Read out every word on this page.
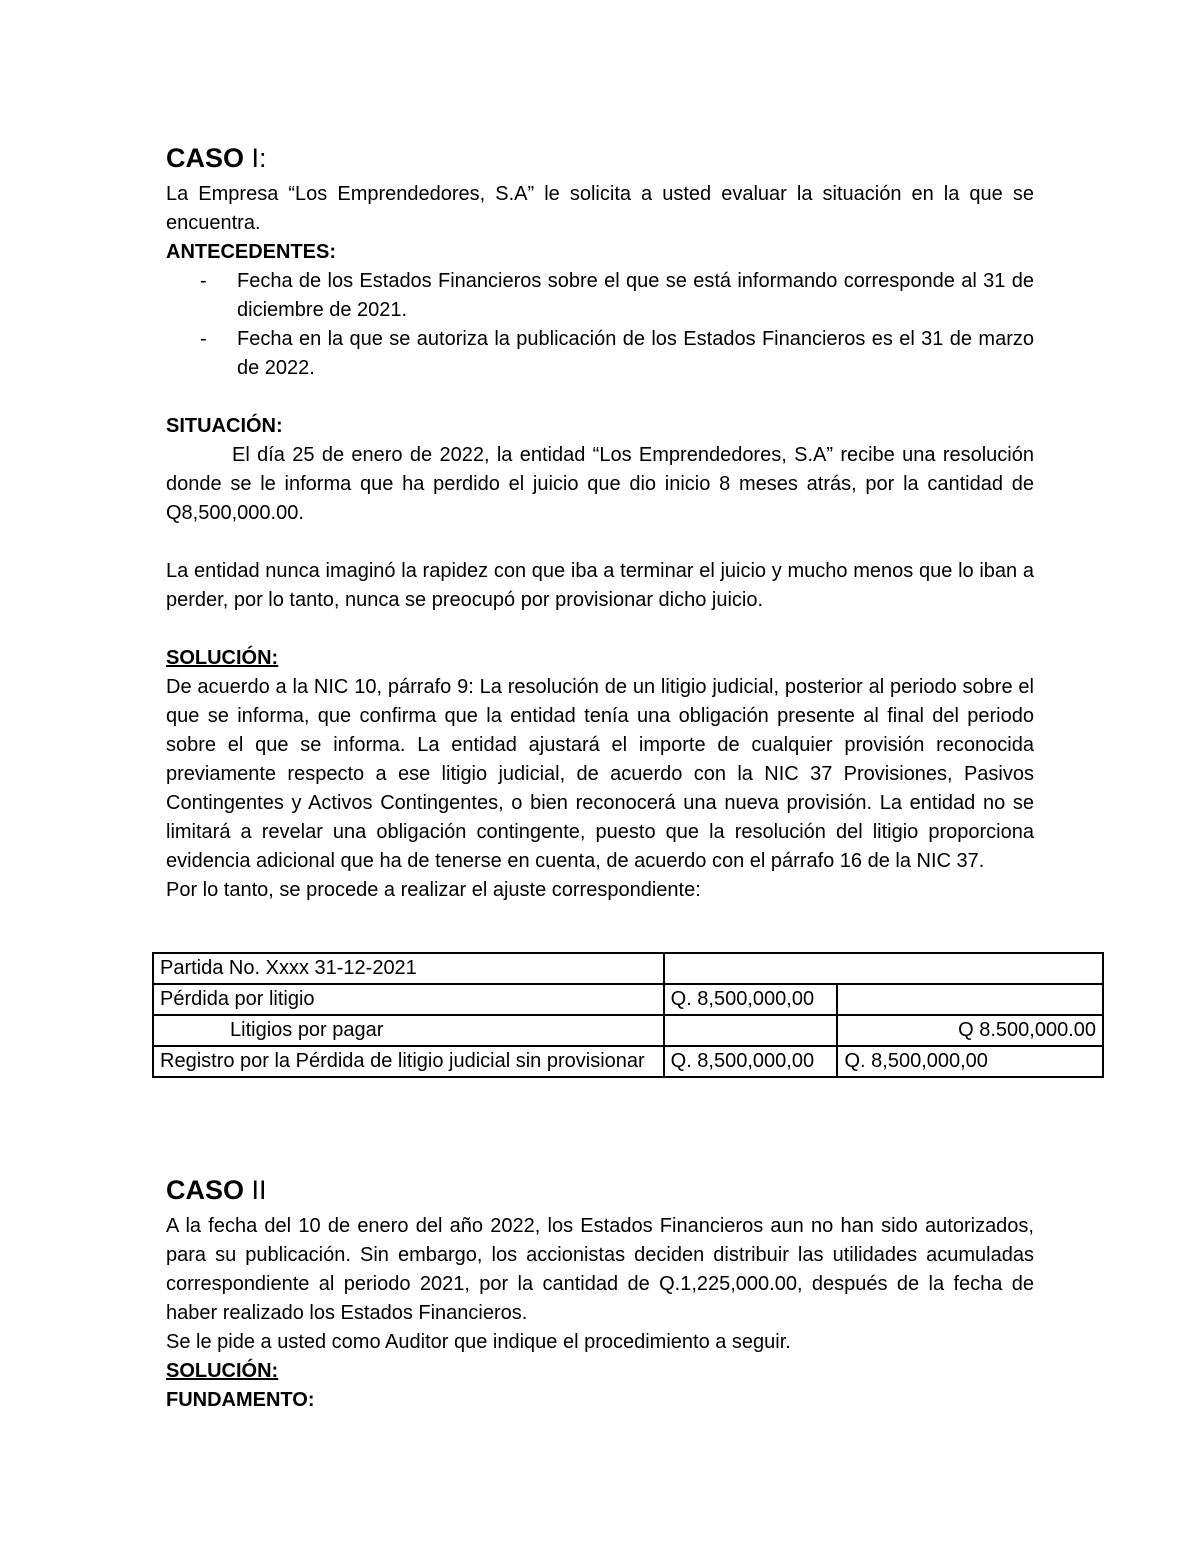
CASO I:

La Empresa “Los Emprendedores, S.A” le solicita a usted evaluar la situación en la que se encuentra.

ANTECEDENTES:

- Fecha de los Estados Financieros sobre el que se está informando corresponde al 31 de diciembre de 2021.
- Fecha en la que se autoriza la publicación de los Estados Financieros es el 31 de marzo de 2022.

SITUACIÓN:

El día 25 de enero de 2022, la entidad “Los Emprendedores, S.A” recibe una resolución donde se le informa que ha perdido el juicio que dio inicio 8 meses atrás, por la cantidad de Q8,500,000.00.

La entidad nunca imaginó la rapidez con que iba a terminar el juicio y mucho menos que lo iban a perder, por lo tanto, nunca se preocupó por provisionar dicho juicio.

SOLUCIÓN:

De acuerdo a la NIC 10, párrafo 9: La resolución de un litigio judicial, posterior al periodo sobre el que se informa, que confirma que la entidad tenía una obligación presente al final del periodo sobre el que se informa. La entidad ajustará el importe de cualquier provisión reconocida previamente respecto a ese litigio judicial, de acuerdo con la NIC 37 Provisiones, Pasivos Contingentes y Activos Contingentes, o bien reconocerá una nueva provisión. La entidad no se limitará a revelar una obligación contingente, puesto que la resolución del litigio proporciona evidencia adicional que ha de tenerse en cuenta, de acuerdo con el párrafo 16 de la NIC 37.

Por lo tanto, se procede a realizar el ajuste correspondiente:

Partida No. Xxxx 31-12-2021		
Pérdida por litigio	Q. 8,500,000,00	
Litigios por pagar		Q 8.500,000.00
Registro por la Pérdida de litigio judicial sin provisionar	Q. 8,500,000,00	Q. 8,500,000,00
CASO II

A la fecha del 10 de enero del año 2022, los Estados Financieros aun no han sido autorizados, para su publicación. Sin embargo, los accionistas deciden distribuir las utilidades acumuladas correspondiente al periodo 2021, por la cantidad de Q.1,225,000.00, después de la fecha de haber realizado los Estados Financieros.

Se le pide a usted como Auditor que indique el procedimiento a seguir.

SOLUCIÓN:

FUNDAMENTO:
